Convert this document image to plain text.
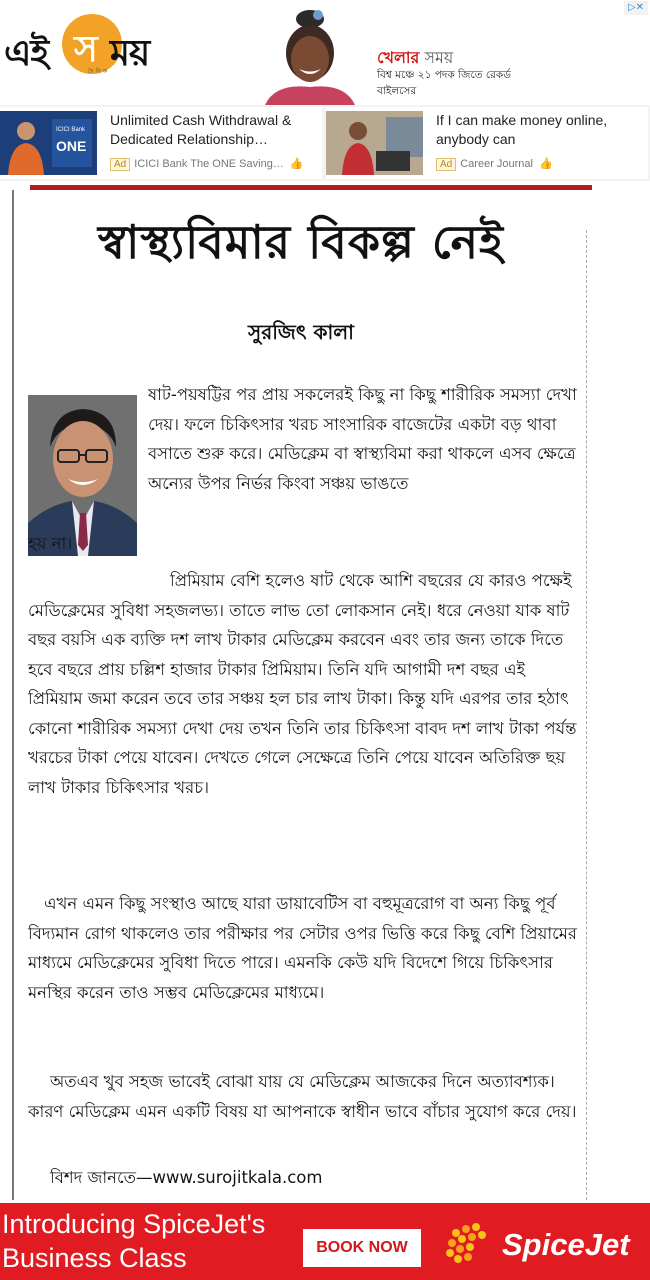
এই স ময়
দৈনিক
খেলার সময়
বিশ্ব মঞ্চে ২১ পদক জিতে রেকর্ড বাইলসের
ICICI Bank
ONE
Unlimited Cash Withdrawal & Dedicated Relationship…
Ad ICICI Bank The ONE Saving… 👍
If I can make money online, anybody can
Ad Career Journal 👍
স্বাস্থ্যবিমার বিকল্প নেই
সুরজিৎ কালা
ষাট-পয়ষট্টির পর প্রায় সকলেরই কিছু না কিছু শারীরিক সমস্যা দেখা দেয়। ফলে চিকিৎসার খরচ সাংসারিক বাজেটের একটা বড় থাবা বসাতে শুরু করে। মেডিক্লেম বা স্বাস্থ্যবিমা করা থাকলে এসব ক্ষেত্রে অন্যের উপর নির্ভর কিংবা সঞ্চয় ভাঙতে
হয় না।
প্রিমিয়াম বেশি হলেও ষাট থেকে আশি বছরের যে কারও পক্ষেই মেডিক্লেমের সুবিধা সহজলভ্য। তাতে লাভ তো লোকসান নেই। ধরে নেওয়া যাক ষাট বছর বয়সি এক ব্যক্তি দশ লাখ টাকার মেডিক্লেম করবেন এবং তার জন্য তাকে দিতে হবে বছরে প্রায় চল্লিশ হাজার টাকার প্রিমিয়াম। তিনি যদি আগামী দশ বছর এই প্রিমিয়াম জমা করেন তবে তার সঞ্চয় হল চার লাখ টাকা। কিন্তু যদি এরপর তার হঠাৎ কোনো শারীরিক সমস্যা দেখা দেয় তখন তিনি তার চিকিৎসা বাবদ দশ লাখ টাকা পর্যন্ত খরচের টাকা পেয়ে যাবেন। দেখতে গেলে সেক্ষেত্রে তিনি পেয়ে যাবেন অতিরিক্ত ছয় লাখ টাকার চিকিৎসার খরচ।
এখন এমন কিছু সংস্থাও আছে যারা ডায়াবেটিস বা বহুমূত্ররোগ বা অন্য কিছু পূর্ব বিদ্যমান রোগ থাকলেও তার পরীক্ষার পর সেটার ওপর ভিত্তি করে কিছু বেশি প্রিয়ামের মাধ্যমে মেডিক্লেমের সুবিধা দিতে পারে। এমনকি কেউ যদি বিদেশে গিয়ে চিকিৎসার মনস্থির করেন তাও সম্ভব মেডিক্লেমের মাধ্যমে।
অতএব খুব সহজ ভাবেই বোঝা যায় যে মেডিক্লেম আজকের দিনে অত্যাবশ্যক। কারণ মেডিক্লেম এমন একটি বিষয় যা আপনাকে স্বাধীন ভাবে বাঁচার সুযোগ করে দেয়।
বিশদ জানতে—www.surojitkala.com
Introducing SpiceJet's Business Class	BOOK NOW	SpiceJet
▷✕
